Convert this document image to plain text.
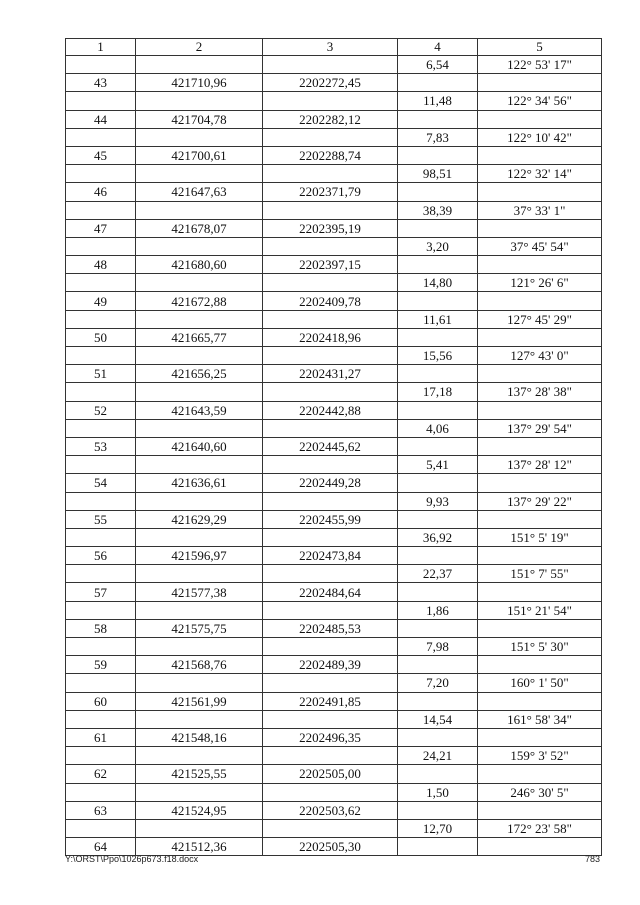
1	2	3	4	5
			6,54	122° 53' 17"
43	421710,96	2202272,45		
			11,48	122° 34' 56"
44	421704,78	2202282,12		
			7,83	122° 10' 42"
45	421700,61	2202288,74		
			98,51	122° 32' 14"
46	421647,63	2202371,79		
			38,39	37° 33' 1"
47	421678,07	2202395,19		
			3,20	37° 45' 54"
48	421680,60	2202397,15		
			14,80	121° 26' 6"
49	421672,88	2202409,78		
			11,61	127° 45' 29"
50	421665,77	2202418,96		
			15,56	127° 43' 0"
51	421656,25	2202431,27		
			17,18	137° 28' 38"
52	421643,59	2202442,88		
			4,06	137° 29' 54"
53	421640,60	2202445,62		
			5,41	137° 28' 12"
54	421636,61	2202449,28		
			9,93	137° 29' 22"
55	421629,29	2202455,99		
			36,92	151° 5' 19"
56	421596,97	2202473,84		
			22,37	151° 7' 55"
57	421577,38	2202484,64		
			1,86	151° 21' 54"
58	421575,75	2202485,53		
			7,98	151° 5' 30"
59	421568,76	2202489,39		
			7,20	160° 1' 50"
60	421561,99	2202491,85		
			14,54	161° 58' 34"
61	421548,16	2202496,35		
			24,21	159° 3' 52"
62	421525,55	2202505,00		
			1,50	246° 30' 5"
63	421524,95	2202503,62		
			12,70	172° 23' 58"
64	421512,36	2202505,30		
Y:\ORST\Ppo\1026p673.f18.docx	783
